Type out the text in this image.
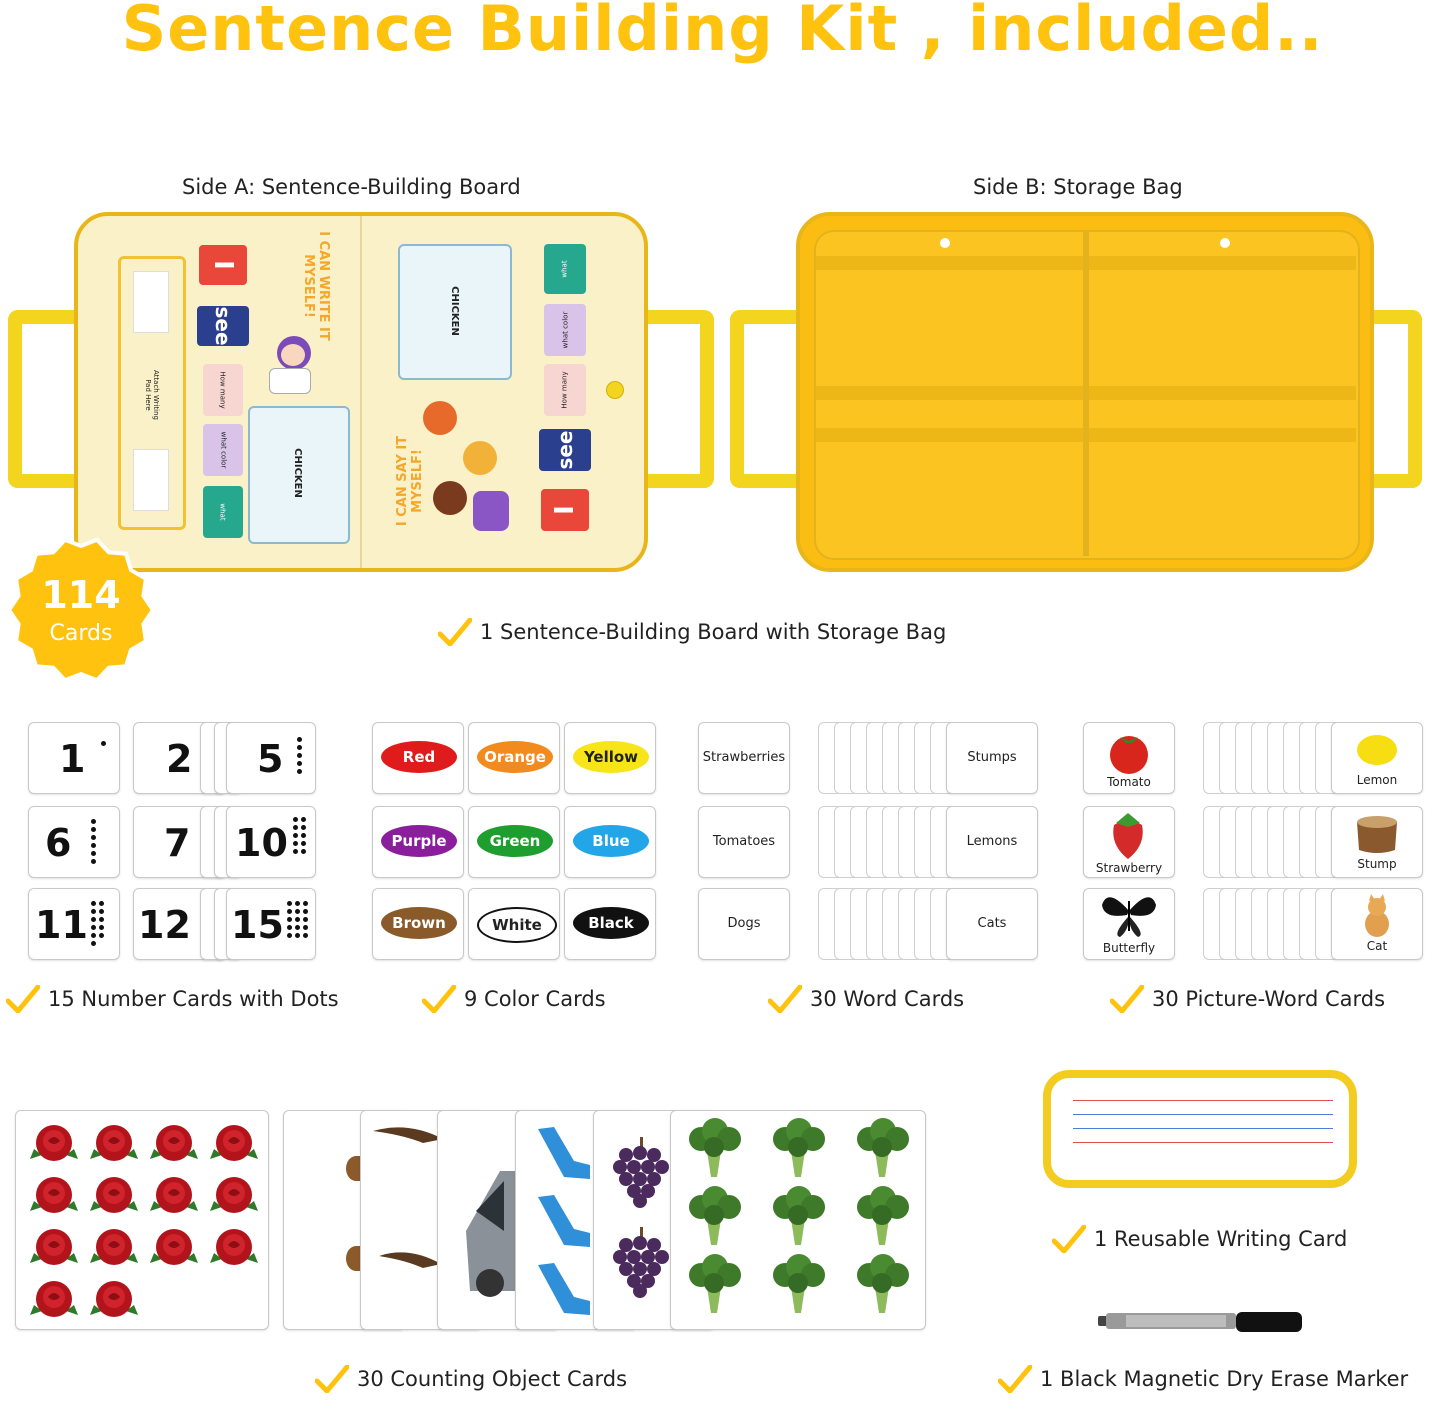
Sentence Building Kit , included..
Side A: Sentence-Building Board	Side B: Storage Bag
Attach Writing Pad Here
I
see
How many
what color
what
I CAN WRITE IT MYSELF!
CHICKEN
CHICKEN
I CAN SAY IT MYSELF!
what
what color
How many
see
I
114
Cards	1 Sentence-Building Board with Storage Bag
1 2 5
6 7 10
11 12 15
15 Number Cards with Dots
Red	Orange	Yellow
Purple	Green	Blue
Brown	White	Black
9 Color Cards
Strawberries
Tomatoes
Dogs
Stumps
Lemons
Cats
30 Word Cards
Tomato
Strawberry
Butterfly
Lemon
Stump
Cat
30 Picture-Word Cards
30 Counting Object Cards
1 Reusable Writing Card
1 Black Magnetic Dry Erase Marker
